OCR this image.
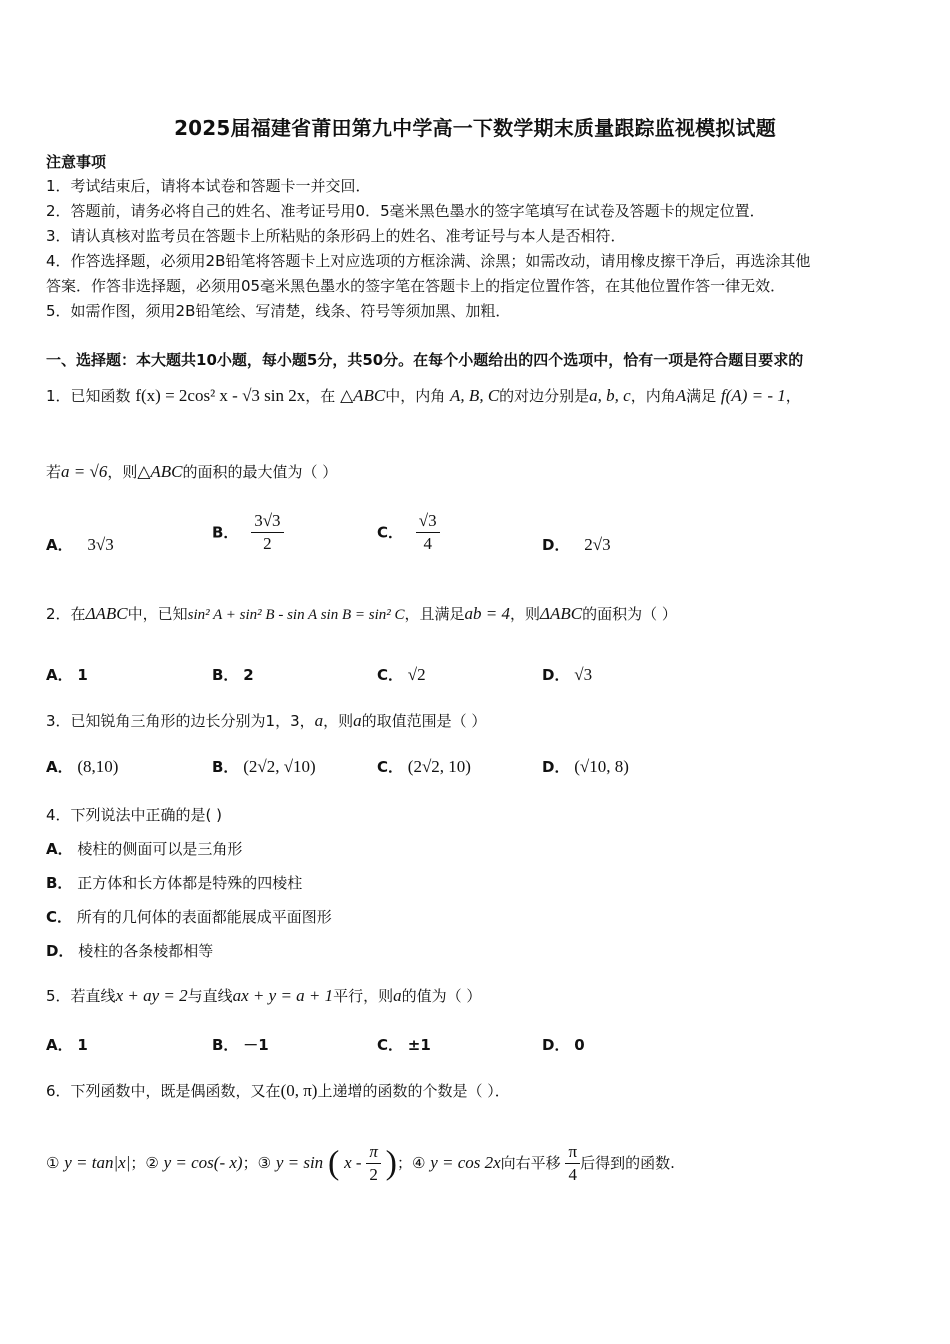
2025届福建省莆田第九中学高一下数学期末质量跟踪监视模拟试题
注意事项
1．考试结束后，请将本试卷和答题卡一并交回．
2．答题前，请务必将自己的姓名、准考证号用0．5毫米黑色墨水的签字笔填写在试卷及答题卡的规定位置．
3．请认真核对监考员在答题卡上所粘贴的条形码上的姓名、准考证号与本人是否相符．
4．作答选择题，必须用2B铅笔将答题卡上对应选项的方框涂满、涂黑；如需改动，请用橡皮擦干净后，再选涂其他
答案．作答非选择题，必须用05毫米黑色墨水的签字笔在答题卡上的指定位置作答，在其他位置作答一律无效．
5．如需作图，须用2B铅笔绘、写清楚，线条、符号等须加黑、加粗．
一、选择题：本大题共10小题，每小题5分，共50分。在每个小题给出的四个选项中，恰有一项是符合题目要求的
1．已知函数 f(x) = 2cos² x - √3 sin 2x，在 △ABC中，内角 A, B, C的对边分别是a, b, c，内角A满足 f(A) = - 1，
若a = √6，则△ABC的面积的最大值为（ ）
A． 3√3
B． $\frac{3√3}{2}$	C． $\frac{√3}{4}$	D． 2√3
2．在ΔABC中，已知sin² A + sin² B - sin A sin B = sin² C，且满足ab = 4，则ΔABC的面积为（ ）
A． 1	B． 2	C． √2	D． √3
3．已知锐角三角形的边长分别为1，3，a，则a的取值范围是（ ）
A． (8,10)	B． (2√2, √10)	C． (2√2, 10)	D． (√10, 8)
4．下列说法中正确的是( )
A． 棱柱的侧面可以是三角形
B． 正方体和长方体都是特殊的四棱柱
C． 所有的几何体的表面都能展成平面图形
D． 棱柱的各条棱都相等
5．若直线x + ay = 2与直线ax + y = a + 1平行，则a的值为（ ）
A． 1	B． －1	C． ±1	D． 0
6．下列函数中，既是偶函数，又在(0, π)上递增的函数的个数是（ ）．
① y = tan|x|；② y = cos(- x)；③ y = sin ( x - $\frac{\pi}{2}$ )；④ y = cos 2x向右平移 $\frac{\pi}{4}$ 后得到的函数.
